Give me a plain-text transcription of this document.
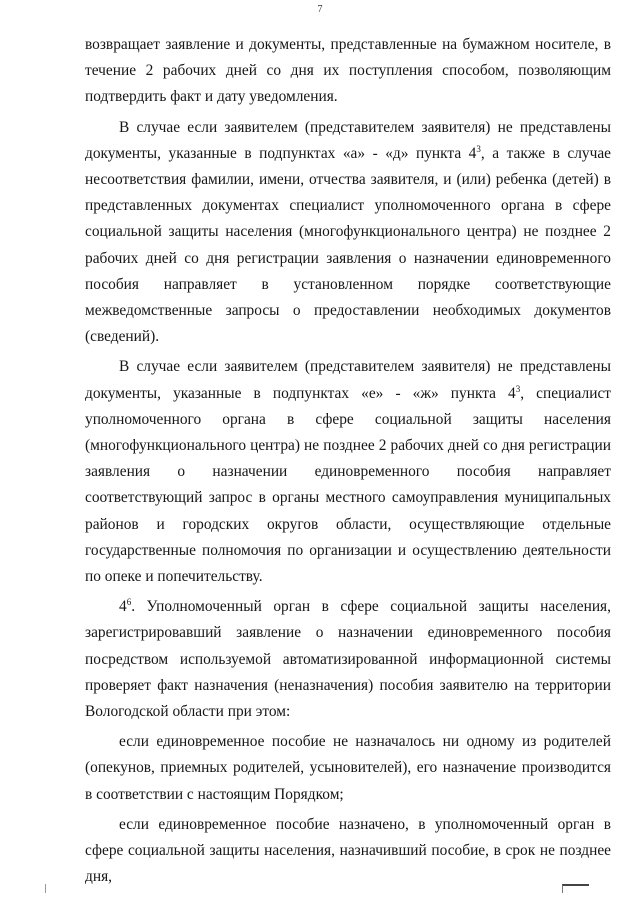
7

возвращает заявление и документы, представленные на бумажном носителе, в течение 2 рабочих дней со дня их поступления способом, позволяющим подтвердить факт и дату уведомления.

В случае если заявителем (представителем заявителя) не представлены документы, указанные в подпунктах «а» - «д» пункта $4^3$, а также в случае несоответствия фамилии, имени, отчества заявителя, и (или) ребенка (детей) в представленных документах специалист уполномоченного органа в сфере социальной защиты населения (многофункционального центра) не позднее 2 рабочих дней со дня регистрации заявления о назначении единовременного пособия направляет в установленном порядке соответствующие межведомственные запросы о предоставлении необходимых документов (сведений).

В случае если заявителем (представителем заявителя) не представлены документы, указанные в подпунктах «е» - «ж» пункта $4^3$, специалист уполномоченного органа в сфере социальной защиты населения (многофункционального центра) не позднее 2 рабочих дней со дня регистрации заявления о назначении единовременного пособия направляет соответствующий запрос в органы местного самоуправления муниципальных районов и городских округов области, осуществляющие отдельные государственные полномочия по организации и осуществлению деятельности по опеке и попечительству.

$4^6$. Уполномоченный орган в сфере социальной защиты населения, зарегистрировавший заявление о назначении единовременного пособия посредством используемой автоматизированной информационной системы проверяет факт назначения (неназначения) пособия заявителю на территории Вологодской области при этом:

если единовременное пособие не назначалось ни одному из родителей (опекунов, приемных родителей, усыновителей), его назначение производится в соответствии с настоящим Порядком;

если единовременное пособие назначено, в уполномоченный орган в сфере социальной защиты населения, назначивший пособие, в срок не позднее дня,
